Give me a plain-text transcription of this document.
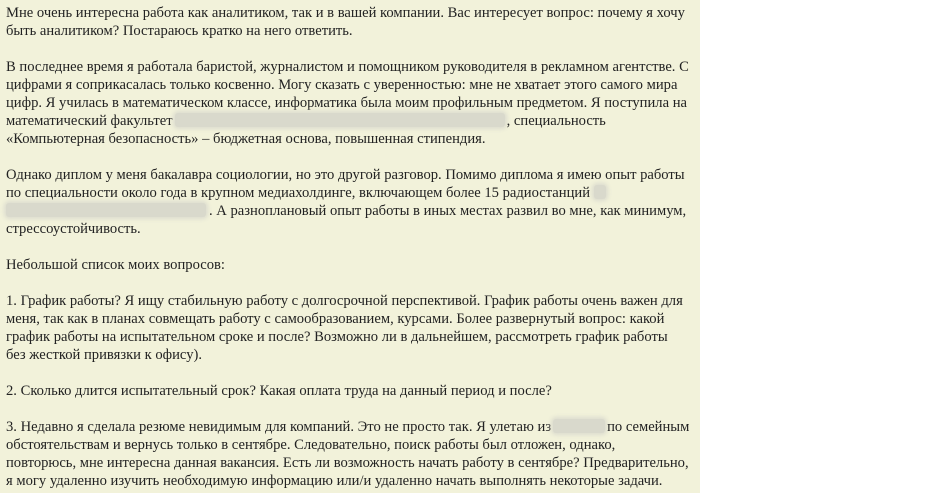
Мне очень интересна работа как аналитиком, так и в вашей компании. Вас интересует вопрос: почему я хочу
быть аналитиком? Постараюсь кратко на него ответить.
В последнее время я работала баристой, журналистом и помощником руководителя в рекламном агентстве. С
цифрами я соприкасалась только косвенно. Могу сказать с уверенностью: мне не хватает этого самого мира
цифр. Я училась в математическом классе, информатика была моим профильным предметом. Я поступила на
математический факультет	, специальность
«Компьютерная безопасность» – бюджетная основа, повышенная стипендия.
Однако диплом у меня бакалавра социологии, но это другой разговор. Помимо диплома я имею опыт работы
по специальности около года в крупном медиахолдинге, включающем более 15 радиостанций
. А разноплановый опыт работы в иных местах развил во мне, как минимум,
стрессоустойчивость.
Небольшой список моих вопросов:
1. График работы? Я ищу стабильную работу с долгосрочной перспективой. График работы очень важен для
меня, так как в планах совмещать работу с самообразованием, курсами. Более развернутый вопрос: какой
график работы на испытательном сроке и после? Возможно ли в дальнейшем, рассмотреть график работы
без жесткой привязки к офису).
2. Сколько длится испытательный срок? Какая оплата труда на данный период и после?
3. Недавно я сделала резюме невидимым для компаний. Это не просто так. Я улетаю из	по семейным
обстоятельствам и вернусь только в сентябре. Следовательно, поиск работы был отложен, однако,
повторюсь, мне интересна данная вакансия. Есть ли возможность начать работу в сентябре? Предварительно,
я могу удаленно изучить необходимую информацию или/и удаленно начать выполнять некоторые задачи.
